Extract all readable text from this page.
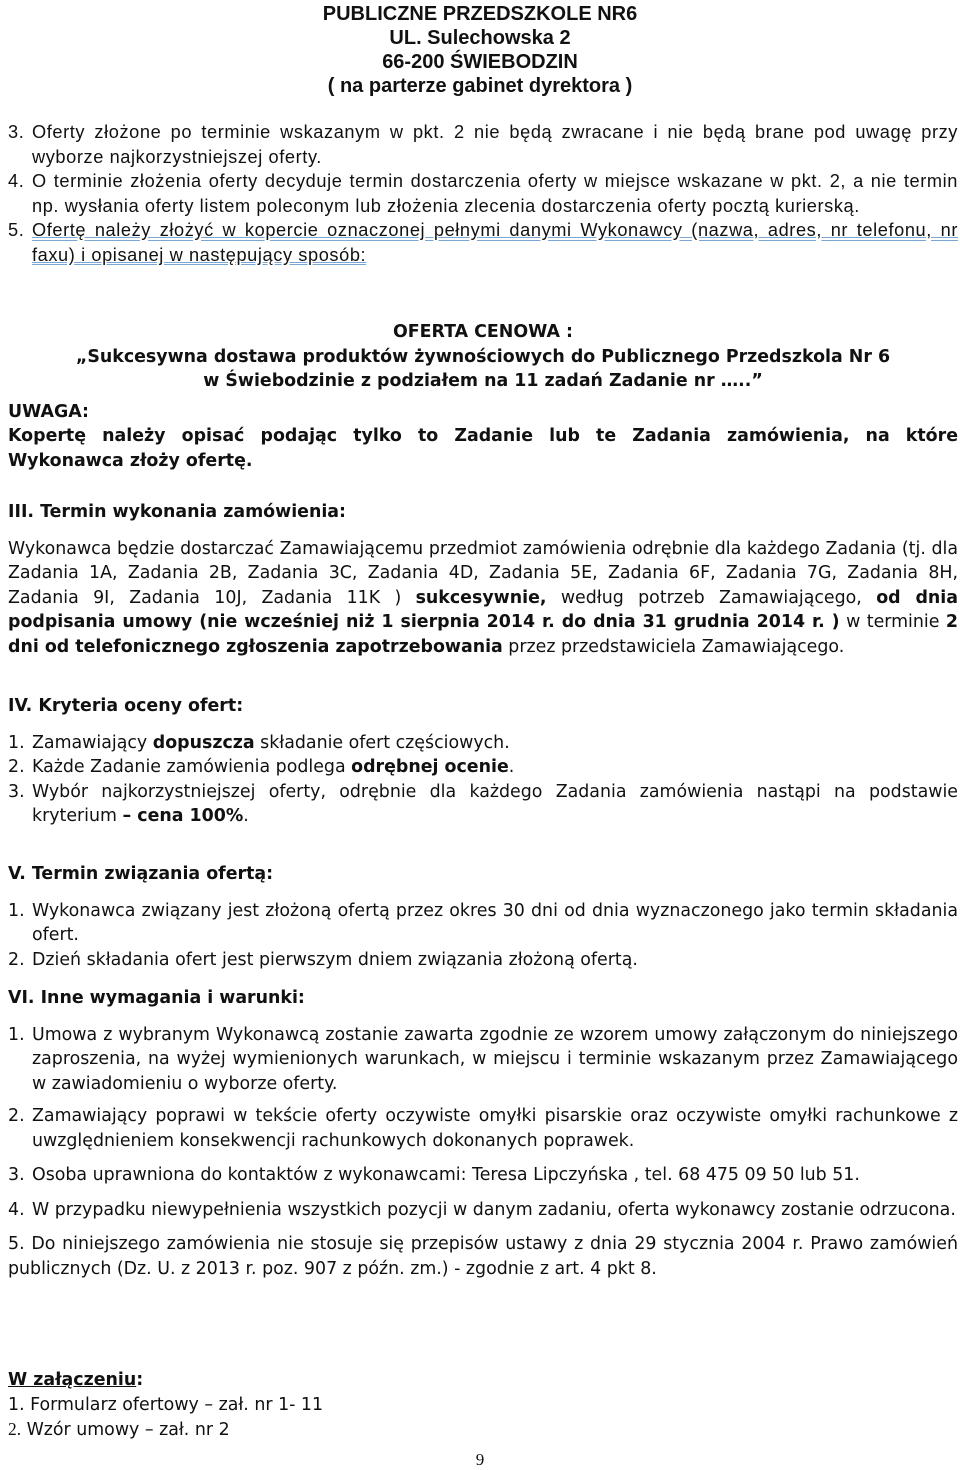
PUBLICZNE PRZEDSZKOLE NR6
UL. Sulechowska 2
66-200 ŚWIEBODZIN
( na parterze gabinet dyrektora )
3. Oferty złożone po terminie wskazanym w pkt. 2 nie będą zwracane i nie będą brane pod uwagę przy wyborze najkorzystniejszej oferty.
4. O terminie złożenia oferty decyduje termin dostarczenia oferty w miejsce wskazane w pkt. 2, a nie termin np. wysłania oferty listem poleconym lub złożenia zlecenia dostarczenia oferty pocztą kurierską.
5. Ofertę należy złożyć w kopercie oznaczonej pełnymi danymi Wykonawcy (nazwa, adres, nr telefonu, nr faxu) i opisanej w następujący sposób:
OFERTA CENOWA :
„Sukcesywna dostawa produktów żywnościowych do Publicznego Przedszkola Nr 6
w Świebodzinie z podziałem na 11 zadań Zadanie nr …..”
UWAGA:
Kopertę należy opisać podając tylko to Zadanie lub te Zadania zamówienia, na które Wykonawca złoży ofertę.
III. Termin wykonania zamówienia:
Wykonawca będzie dostarczać Zamawiającemu przedmiot zamówienia odrębnie dla każdego Zadania (tj. dla Zadania 1A, Zadania 2B, Zadania 3C, Zadania 4D, Zadania 5E, Zadania 6F, Zadania 7G, Zadania 8H, Zadania 9I, Zadania 10J, Zadania 11K ) sukcesywnie, według potrzeb Zamawiającego, od dnia podpisania umowy (nie wcześniej niż 1 sierpnia 2014 r. do dnia 31 grudnia 2014 r. ) w terminie 2 dni od telefonicznego zgłoszenia zapotrzebowania przez przedstawiciela Zamawiającego.
IV. Kryteria oceny ofert:
1. Zamawiający dopuszcza składanie ofert częściowych.
2. Każde Zadanie zamówienia podlega odrębnej ocenie.
3. Wybór najkorzystniejszej oferty, odrębnie dla każdego Zadania zamówienia nastąpi na podstawie kryterium – cena 100%.
V. Termin związania ofertą:
1. Wykonawca związany jest złożoną ofertą przez okres 30 dni od dnia wyznaczonego jako termin składania ofert.
2. Dzień składania ofert jest pierwszym dniem związania złożoną ofertą.
VI. Inne wymagania i warunki:
1. Umowa z wybranym Wykonawcą zostanie zawarta zgodnie ze wzorem umowy załączonym do niniejszego zaproszenia, na wyżej wymienionych warunkach, w miejscu i terminie wskazanym przez Zamawiającego w zawiadomieniu o wyborze oferty.
2. Zamawiający poprawi w tekście oferty oczywiste omyłki pisarskie oraz oczywiste omyłki rachunkowe z uwzględnieniem konsekwencji rachunkowych dokonanych poprawek.
3. Osoba uprawniona do kontaktów z wykonawcami: Teresa Lipczyńska , tel. 68 475 09 50 lub 51.
4. W przypadku niewypełnienia wszystkich pozycji w danym zadaniu, oferta wykonawcy zostanie odrzucona.
5. Do niniejszego zamówienia nie stosuje się przepisów ustawy z dnia 29 stycznia 2004 r. Prawo zamówień publicznych (Dz. U. z 2013 r. poz. 907 z późn. zm.) - zgodnie z art. 4 pkt 8.
W załączeniu:
1. Formularz ofertowy – zał. nr 1- 11
2. Wzór umowy – zał. nr 2
9
